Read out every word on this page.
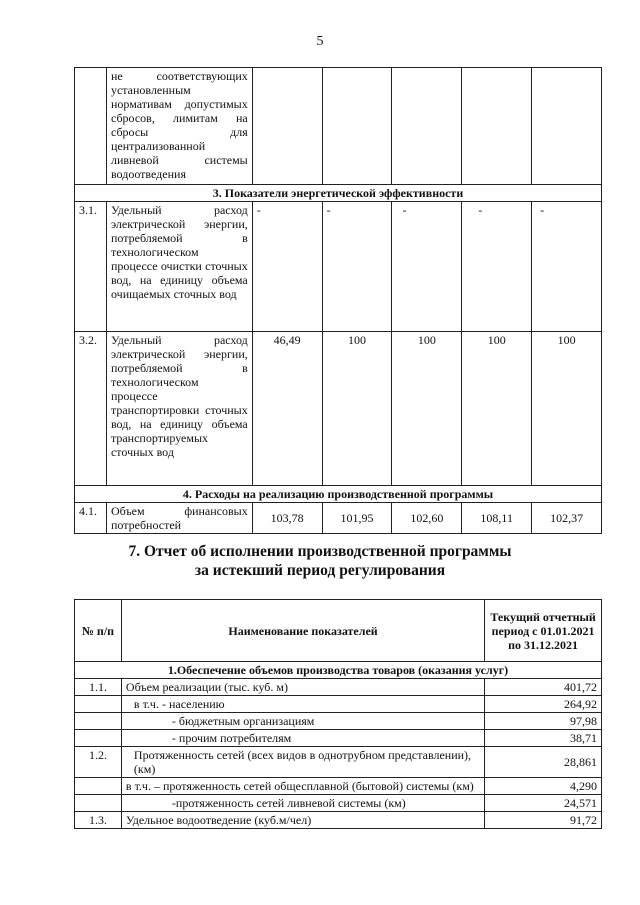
5
	не соответствующих установленным нормативам допустимых сбросов, лимитам на сбросы для централизованной ливневой системы водоотведения					
3. Показатели энергетической эффективности						
3.1.	Удельный расход электрической энергии, потребляемой в технологическом процессе очистки сточных вод, на единицу объема очищаемых сточных вод	-	-	-	-	-
3.2.	Удельный расход электрической энергии, потребляемой в технологическом процессе транспортировки сточных вод, на единицу объема транспортируемых сточных вод	46,49	100	100	100	100
4. Расходы на реализацию производственной программы						
4.1.	Объем финансовых потребностей	103,78	101,95	102,60	108,11	102,37
7. Отчет об исполнении производственной программы
за истекший период регулирования
№ п/п	Наименование показателей	Текущий отчетный период с 01.01.2021 по 31.12.2021
1.Обеспечение объемов производства товаров (оказания услуг)		
1.1.	Объем реализации (тыс. куб. м)	401,72
	в т.ч. - населению	264,92
	- бюджетным организациям	97,98
	- прочим потребителям	38,71
1.2.	Протяженность сетей (всех видов в однотрубном представлении), (км)	28,861
	в т.ч. – протяженность сетей общесплавной (бытовой) системы (км)	4,290
	-протяженность сетей ливневой системы (км)	24,571
1.3.	Удельное водоотведение (куб.м/чел)	91,72
